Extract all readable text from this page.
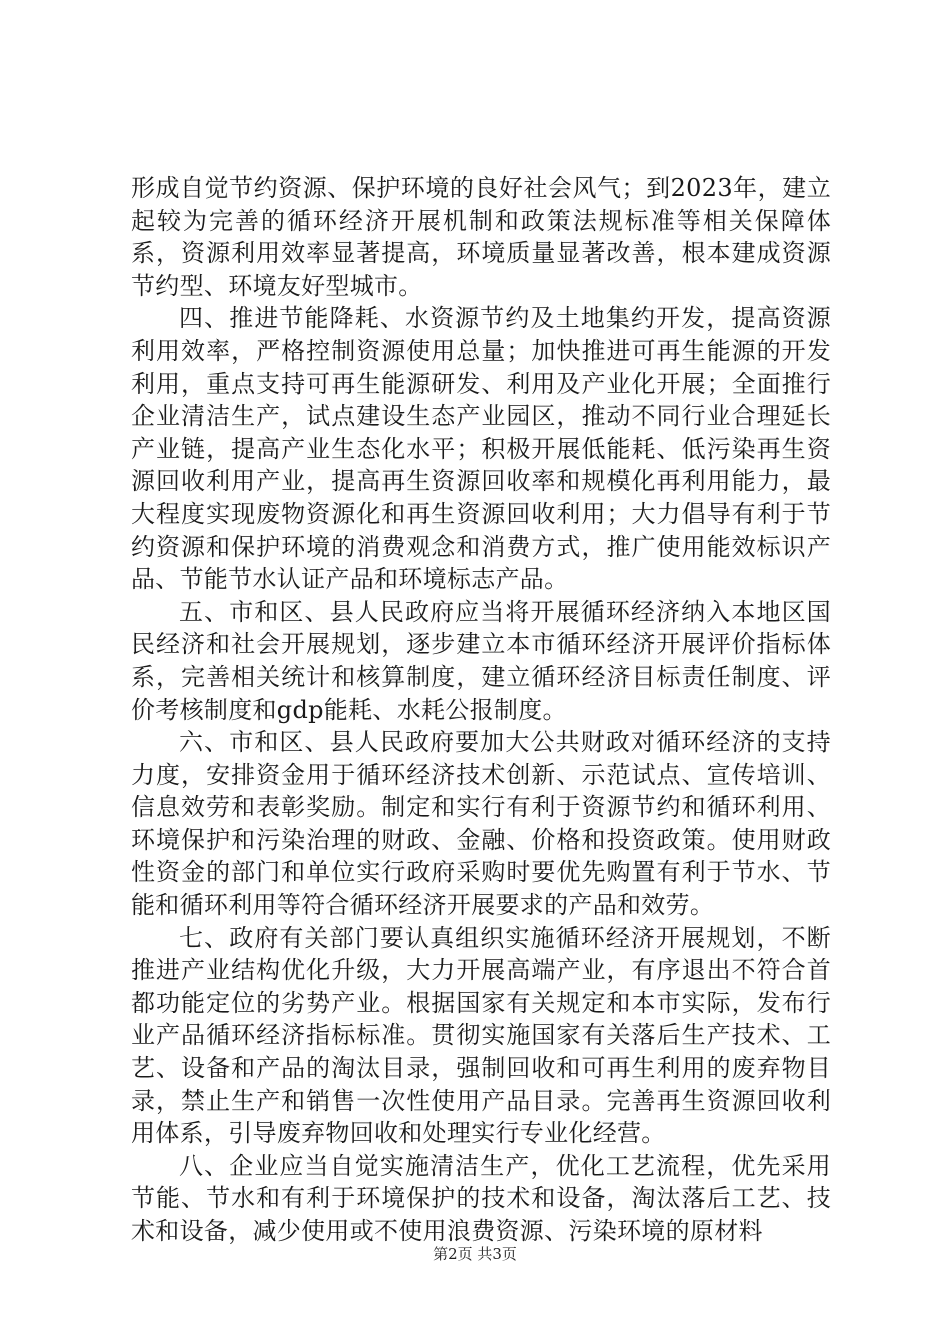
形成自觉节约资源、保护环境的良好社会风气；到2023年，建立起较为完善的循环经济开展机制和政策法规标准等相关保障体系，资源利用效率显著提高，环境质量显著改善，根本建成资源节约型、环境友好型城市。

四、推进节能降耗、水资源节约及土地集约开发，提高资源利用效率，严格控制资源使用总量；加快推进可再生能源的开发利用，重点支持可再生能源研发、利用及产业化开展；全面推行企业清洁生产，试点建设生态产业园区，推动不同行业合理延长产业链，提高产业生态化水平；积极开展低能耗、低污染再生资源回收利用产业，提高再生资源回收率和规模化再利用能力，最大程度实现废物资源化和再生资源回收利用；大力倡导有利于节约资源和保护环境的消费观念和消费方式，推广使用能效标识产品、节能节水认证产品和环境标志产品。

五、市和区、县人民政府应当将开展循环经济纳入本地区国民经济和社会开展规划，逐步建立本市循环经济开展评价指标体系，完善相关统计和核算制度，建立循环经济目标责任制度、评价考核制度和gdp能耗、水耗公报制度。

六、市和区、县人民政府要加大公共财政对循环经济的支持力度，安排资金用于循环经济技术创新、示范试点、宣传培训、信息效劳和表彰奖励。制定和实行有利于资源节约和循环利用、环境保护和污染治理的财政、金融、价格和投资政策。使用财政性资金的部门和单位实行政府采购时要优先购置有利于节水、节能和循环利用等符合循环经济开展要求的产品和效劳。

七、政府有关部门要认真组织实施循环经济开展规划，不断推进产业结构优化升级，大力开展高端产业，有序退出不符合首都功能定位的劣势产业。根据国家有关规定和本市实际，发布行业产品循环经济指标标准。贯彻实施国家有关落后生产技术、工艺、设备和产品的淘汰目录，强制回收和可再生利用的废弃物目录，禁止生产和销售一次性使用产品目录。完善再生资源回收利用体系，引导废弃物回收和处理实行专业化经营。

八、企业应当自觉实施清洁生产，优化工艺流程，优先采用节能、节水和有利于环境保护的技术和设备，淘汰落后工艺、技术和设备，减少使用或不使用浪费资源、污染环境的原材料

第2页 共3页
